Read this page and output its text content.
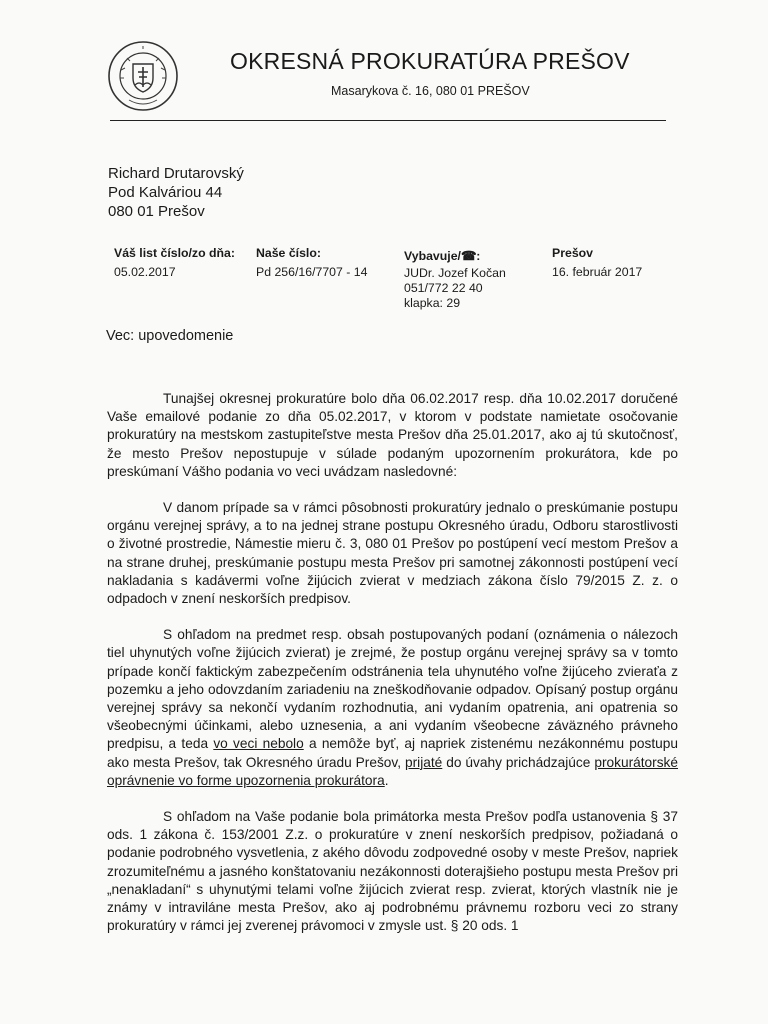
OKRESNÁ PROKURATÚRA PREŠOV
Masarykova č. 16, 080 01 PREŠOV
Richard Drutarovský
Pod Kalváriou 44
080 01 Prešov
Váš list číslo/zo dňa:
05.02.2017
Naše číslo:
Pd 256/16/7707 - 14
Vybavuje/☎:
JUDr. Jozef Kočan
051/772 22 40
klapka: 29
Prešov
16. február 2017
Vec: upovedomenie

Tunajšej okresnej prokuratúre bolo dňa 06.02.2017 resp. dňa 10.02.2017 doručené Vaše emailové podanie zo dňa 05.02.2017, v ktorom v podstate namietate osočovanie prokuratúry na mestskom zastupiteľstve mesta Prešov dňa 25.01.2017, ako aj tú skutočnosť, že mesto Prešov nepostupuje v súlade podaným upozornením prokurátora, kde po preskúmaní Vášho podania vo veci uvádzam nasledovné:

V danom prípade sa v rámci pôsobnosti prokuratúry jednalo o preskúmanie postupu orgánu verejnej správy, a to na jednej strane postupu Okresného úradu, Odboru starostlivosti o životné prostredie, Námestie mieru č. 3, 080 01 Prešov po postúpení vecí mestom Prešov a na strane druhej, preskúmanie postupu mesta Prešov pri samotnej zákonnosti postúpení vecí nakladania s kadávermi voľne žijúcich zvierat v medziach zákona číslo 79/2015 Z. z. o odpadoch v znení neskorších predpisov.

S ohľadom na predmet resp. obsah postupovaných podaní (oznámenia o nálezoch tiel uhynutých voľne žijúcich zvierat) je zrejmé, že postup orgánu verejnej správy sa v tomto prípade končí faktickým zabezpečením odstránenia tela uhynutého voľne žijúceho zvieraťa z pozemku a jeho odovzdaním zariadeniu na zneškodňovanie odpadov. Opísaný postup orgánu verejnej správy sa nekončí vydaním rozhodnutia, ani vydaním opatrenia, ani opatrenia so všeobecnými účinkami, alebo uznesenia, a ani vydaním všeobecne záväzného právneho predpisu, a teda vo veci nebolo a nemôže byť, aj napriek zistenému nezákonnému postupu ako mesta Prešov, tak Okresného úradu Prešov, prijaté do úvahy prichádzajúce prokurátorské oprávnenie vo forme upozornenia prokurátora.

S ohľadom na Vaše podanie bola primátorka mesta Prešov podľa ustanovenia § 37 ods. 1 zákona č. 153/2001 Z.z. o prokuratúre v znení neskorších predpisov, požiadaná o podanie podrobného vysvetlenia, z akého dôvodu zodpovedné osoby v meste Prešov, napriek zrozumiteľnému a jasného konštatovaniu nezákonnosti doterajšieho postupu mesta Prešov pri „nenakladaní“ s uhynutými telami voľne žijúcich zvierat resp. zvierat, ktorých vlastník nie je známy v intraviláne mesta Prešov, ako aj podrobnému právnemu rozboru veci zo strany prokuratúry v rámci jej zverenej právomoci v zmysle ust. § 20 ods. 1
